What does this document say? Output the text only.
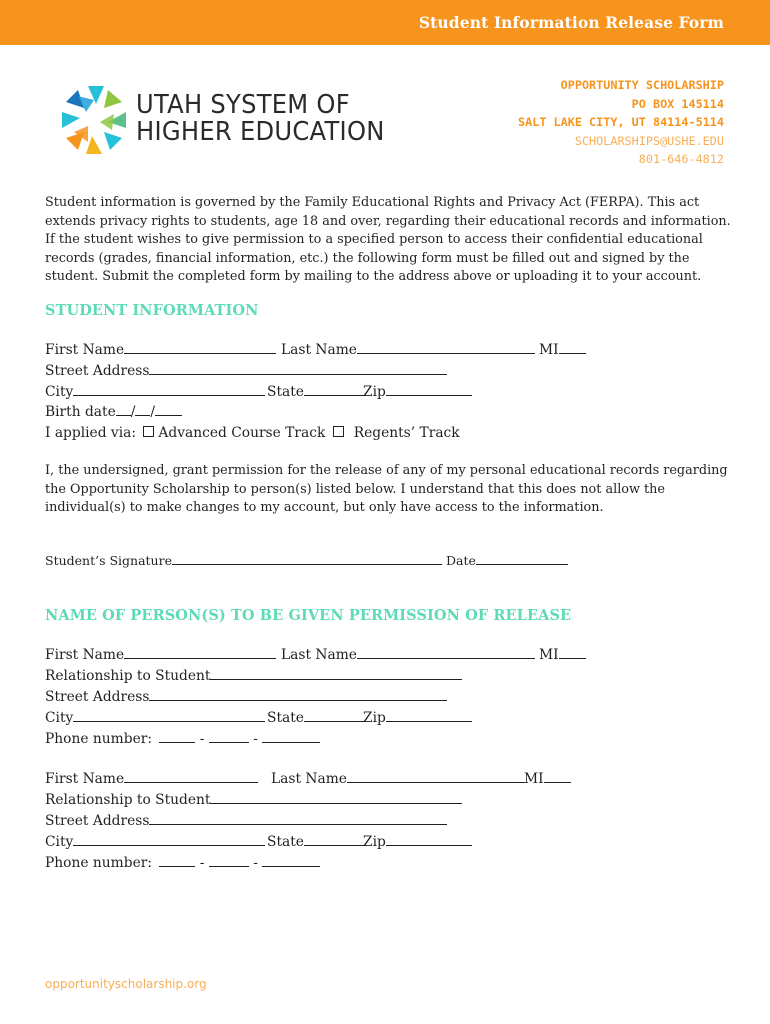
Student Information Release Form
UTAH SYSTEM OF
HIGHER EDUCATION
OPPORTUNITY SCHOLARSHIP
PO BOX 145114
SALT LAKE CITY, UT 84114-5114
SCHOLARSHIPS@USHE.EDU
801-646-4812
Student information is governed by the Family Educational Rights and Privacy Act (FERPA). This act extends privacy rights to students, age 18 and over, regarding their educational records and information. If the student wishes to give permission to a specified person to access their confidential educational records (grades, financial information, etc.) the following form must be filled out and signed by the student. Submit the completed form by mailing to the address above or uploading it to your account.
STUDENT INFORMATION
First Name	Last Name	MI
Street Address
City	State	Zip
Birth date / /
I applied via: Advanced Course Track Regents’ Track
I, the undersigned, grant permission for the release of any of my personal educational records regarding the Opportunity Scholarship to person(s) listed below. I understand that this does not allow the individual(s) to make changes to my account, but only have access to the information.
Student’s Signature	Date
NAME OF PERSON(S) TO BE GIVEN PERMISSION OF RELEASE
First Name	Last Name	MI
Relationship to Student
Street Address
City	State	Zip
Phone number:	-	-
First Name	Last Name	MI
Relationship to Student
Street Address
City	State	Zip
Phone number:	-	-
opportunityscholarship.org
